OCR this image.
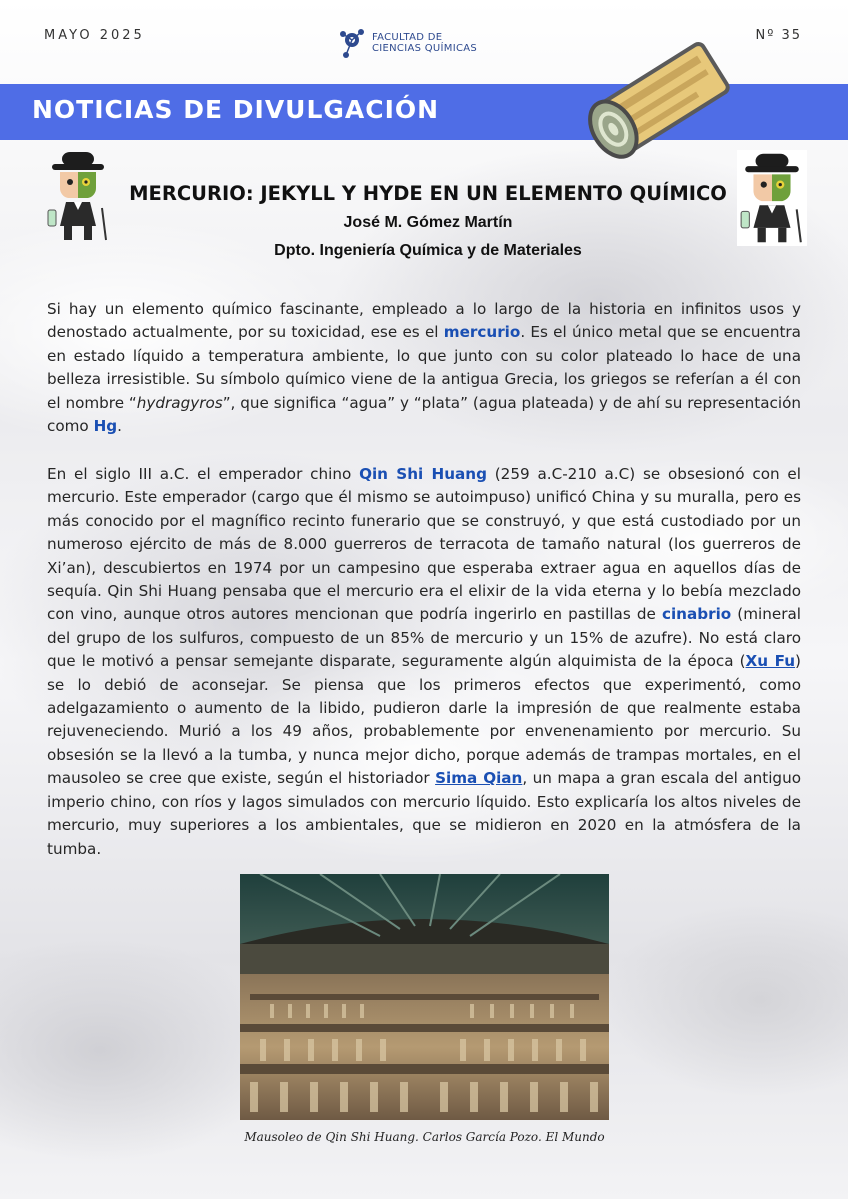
MAYO 2025	FACULTAD DE
CIENCIAS QUÍMICAS
Nº 35
NOTICIAS DE DIVULGACIÓN
MERCURIO: JEKYLL Y HYDE EN UN ELEMENTO QUÍMICO
José M. Gómez Martín
Dpto. Ingeniería Química y de Materiales
Si hay un elemento químico fascinante, empleado a lo largo de la historia en infinitos usos y denostado actualmente, por su toxicidad, ese es el mercurio. Es el único metal que se encuentra en estado líquido a temperatura ambiente, lo que junto con su color plateado lo hace de una belleza irresistible. Su símbolo químico viene de la antigua Grecia, los griegos se referían a él con el nombre “hydragyros”, que significa “agua” y “plata” (agua plateada) y de ahí su representación como Hg.
En el siglo III a.C. el emperador chino Qin Shi Huang (259 a.C-210 a.C) se obsesionó con el mercurio. Este emperador (cargo que él mismo se autoimpuso) unificó China y su muralla, pero es más conocido por el magnífico recinto funerario que se construyó, y que está custodiado por un numeroso ejército de más de 8.000 guerreros de terracota de tamaño natural (los guerreros de Xi’an), descubiertos en 1974 por un campesino que esperaba extraer agua en aquellos días de sequía. Qin Shi Huang pensaba que el mercurio era el elixir de la vida eterna y lo bebía mezclado con vino, aunque otros autores mencionan que podría ingerirlo en pastillas de cinabrio (mineral del grupo de los sulfuros, compuesto de un 85% de mercurio y un 15% de azufre). No está claro que le motivó a pensar semejante disparate, seguramente algún alquimista de la época (Xu Fu) se lo debió de aconsejar. Se piensa que los primeros efectos que experimentó, como adelgazamiento o aumento de la libido, pudieron darle la impresión de que realmente estaba rejuveneciendo. Murió a los 49 años, probablemente por envenenamiento por mercurio. Su obsesión se la llevó a la tumba, y nunca mejor dicho, porque además de trampas mortales, en el mausoleo se cree que existe, según el historiador Sima Qian, un mapa a gran escala del antiguo imperio chino, con ríos y lagos simulados con mercurio líquido. Esto explicaría los altos niveles de mercurio, muy superiores a los ambientales, que se midieron en 2020 en la atmósfera de la tumba.
Mausoleo de Qin Shi Huang. Carlos García Pozo. El Mundo
